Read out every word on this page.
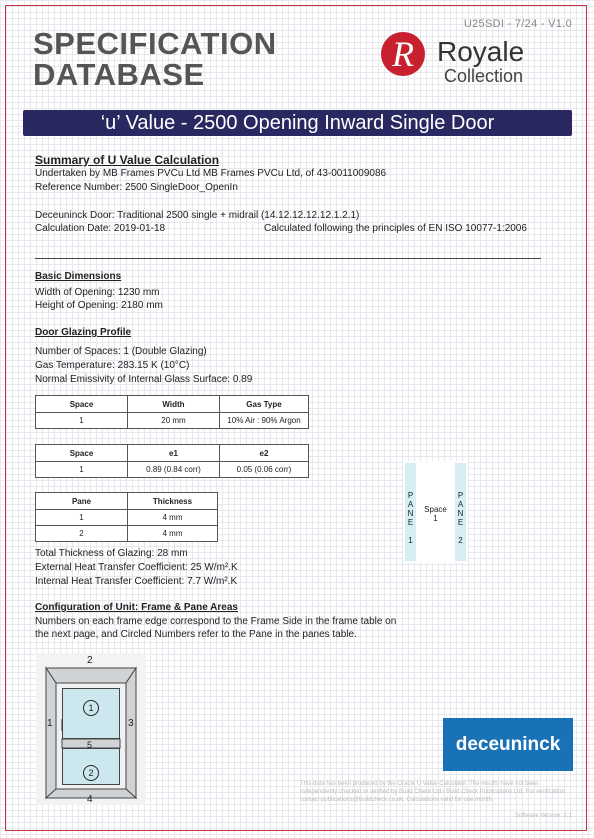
U25SDI - 7/24 - V1.0
SPECIFICATION
DATABASE
R Royale
Collection
‘u’ Value - 2500 Opening Inward Single Door
Summary of U Value Calculation
Undertaken by MB Frames PVCu Ltd MB Frames PVCu Ltd, of 43-0011009086
Reference Number: 2500 SingleDoor_OpenIn
Deceuninck Door: Traditional 2500 single + midrail (14.12.12.12.12.1.2.1)
Calculation Date: 2019-01-18	Calculated following the principles of EN ISO 10077-1:2006
Basic Dimensions
Width of Opening: 1230 mm
Height of Opening: 2180 mm
Door Glazing Profile
Number of Spaces: 1 (Double Glazing)
Gas Temperature: 283.15 K (10°C)
Normal Emissivity of Internal Glass Surface: 0.89
Space	Width	Gas Type
1	20 mm	10% Air : 90% Argon
Space	e1	e2
1	0.89 (0.84 corr)	0.05 (0.06 corr)
Pane	Thickness
1	4 mm
2	4 mm
P
A
N
E

1
P
A
N
E

2
Space
1
Total Thickness of Glazing: 28 mm
External Heat Transfer Coefficient: 25 W/m².K
Internal Heat Transfer Coefficient: 7.7 W/m².K
Configuration of Unit: Frame & Pane Areas
Numbers on each frame edge correspond to the Frame Side in the frame table on
the next page, and Circled Numbers refer to the Pane in the panes table.
1
2
2
1	3
5
4
deceuninck
This data has been produced by the Oracle U Value Calculator. The results have not been independently checked or verified by Build Check Ltd / Build Check Publications Ltd. For verification contact publications@buildcheck.co.uk. Calculations valid for one month.
Software Version: 2.1
